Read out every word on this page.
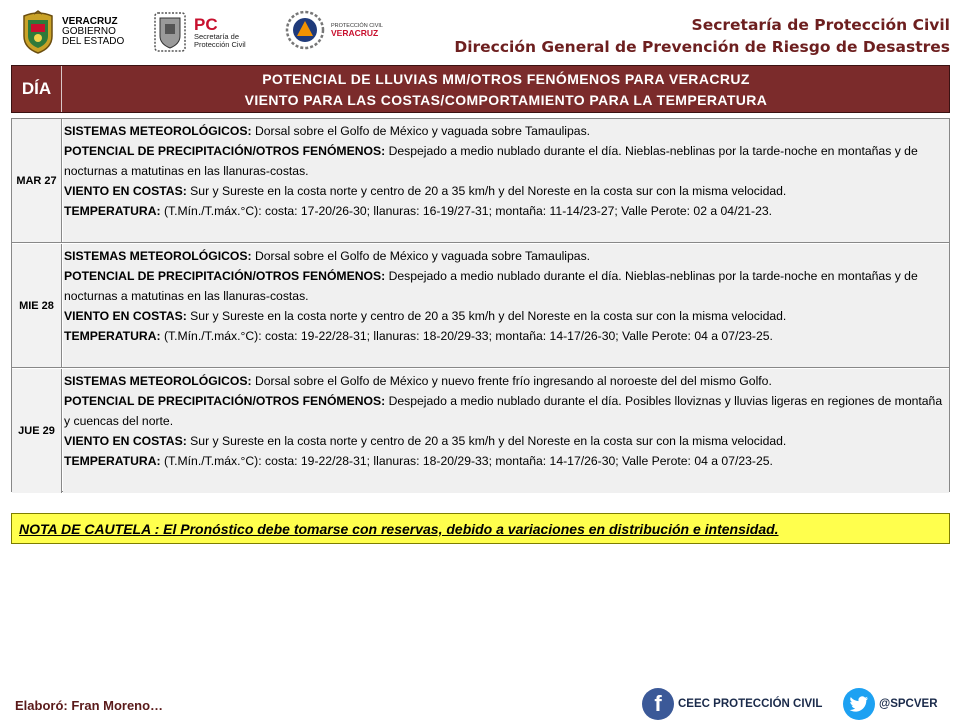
VERACRUZ
GOBIERNO
DEL ESTADO
PC
Secretaría de
Protección Civil
PROTECCIÓN CIVIL
VERACRUZ	Secretaría de Protección Civil
Dirección General de Prevención de Riesgo de Desastres
DÍA	POTENCIAL DE LLUVIAS MM/OTROS FENÓMENOS PARA VERACRUZ
VIENTO PARA LAS COSTAS/COMPORTAMIENTO PARA LA TEMPERATURA
MAR 27

SISTEMAS METEOROLÓGICOS: Dorsal sobre el Golfo de México y vaguada sobre Tamaulipas.

POTENCIAL DE PRECIPITACIÓN/OTROS FENÓMENOS: Despejado a medio nublado durante el día. Nieblas-neblinas por la tarde-noche en montañas y de nocturnas a matutinas en las llanuras-costas.

VIENTO EN COSTAS: Sur y Sureste en la costa norte y centro de 20 a 35 km/h y del Noreste en la costa sur con la misma velocidad.

TEMPERATURA: (T.Mín./T.máx.°C): costa: 17-20/26-30; llanuras: 16-19/27-31; montaña: 11-14/23-27; Valle Perote: 02 a 04/21-23.

MIE 28

SISTEMAS METEOROLÓGICOS: Dorsal sobre el Golfo de México y vaguada sobre Tamaulipas.

POTENCIAL DE PRECIPITACIÓN/OTROS FENÓMENOS: Despejado a medio nublado durante el día. Nieblas-neblinas por la tarde-noche en montañas y de nocturnas a matutinas en las llanuras-costas.

VIENTO EN COSTAS: Sur y Sureste en la costa norte y centro de 20 a 35 km/h y del Noreste en la costa sur con la misma velocidad.

TEMPERATURA: (T.Mín./T.máx.°C): costa: 19-22/28-31; llanuras: 18-20/29-33; montaña: 14-17/26-30; Valle Perote: 04 a 07/23-25.

JUE 29

SISTEMAS METEOROLÓGICOS: Dorsal sobre el Golfo de México y nuevo frente frío ingresando al noroeste del del mismo Golfo.

POTENCIAL DE PRECIPITACIÓN/OTROS FENÓMENOS: Despejado a medio nublado durante el día. Posibles lloviznas y lluvias ligeras en regiones de montaña y cuencas del norte.

VIENTO EN COSTAS: Sur y Sureste en la costa norte y centro de 20 a 35 km/h y del Noreste en la costa sur con la misma velocidad.

TEMPERATURA: (T.Mín./T.máx.°C): costa: 19-22/28-31; llanuras: 18-20/29-33; montaña: 14-17/26-30; Valle Perote: 04 a 07/23-25.

NOTA DE CAUTELA : El Pronóstico debe tomarse con reservas, debido a variaciones en distribución e intensidad.
Elaboró: Fran Moreno…	f	CEEC PROTECCIÓN CIVIL	@SPCVER
